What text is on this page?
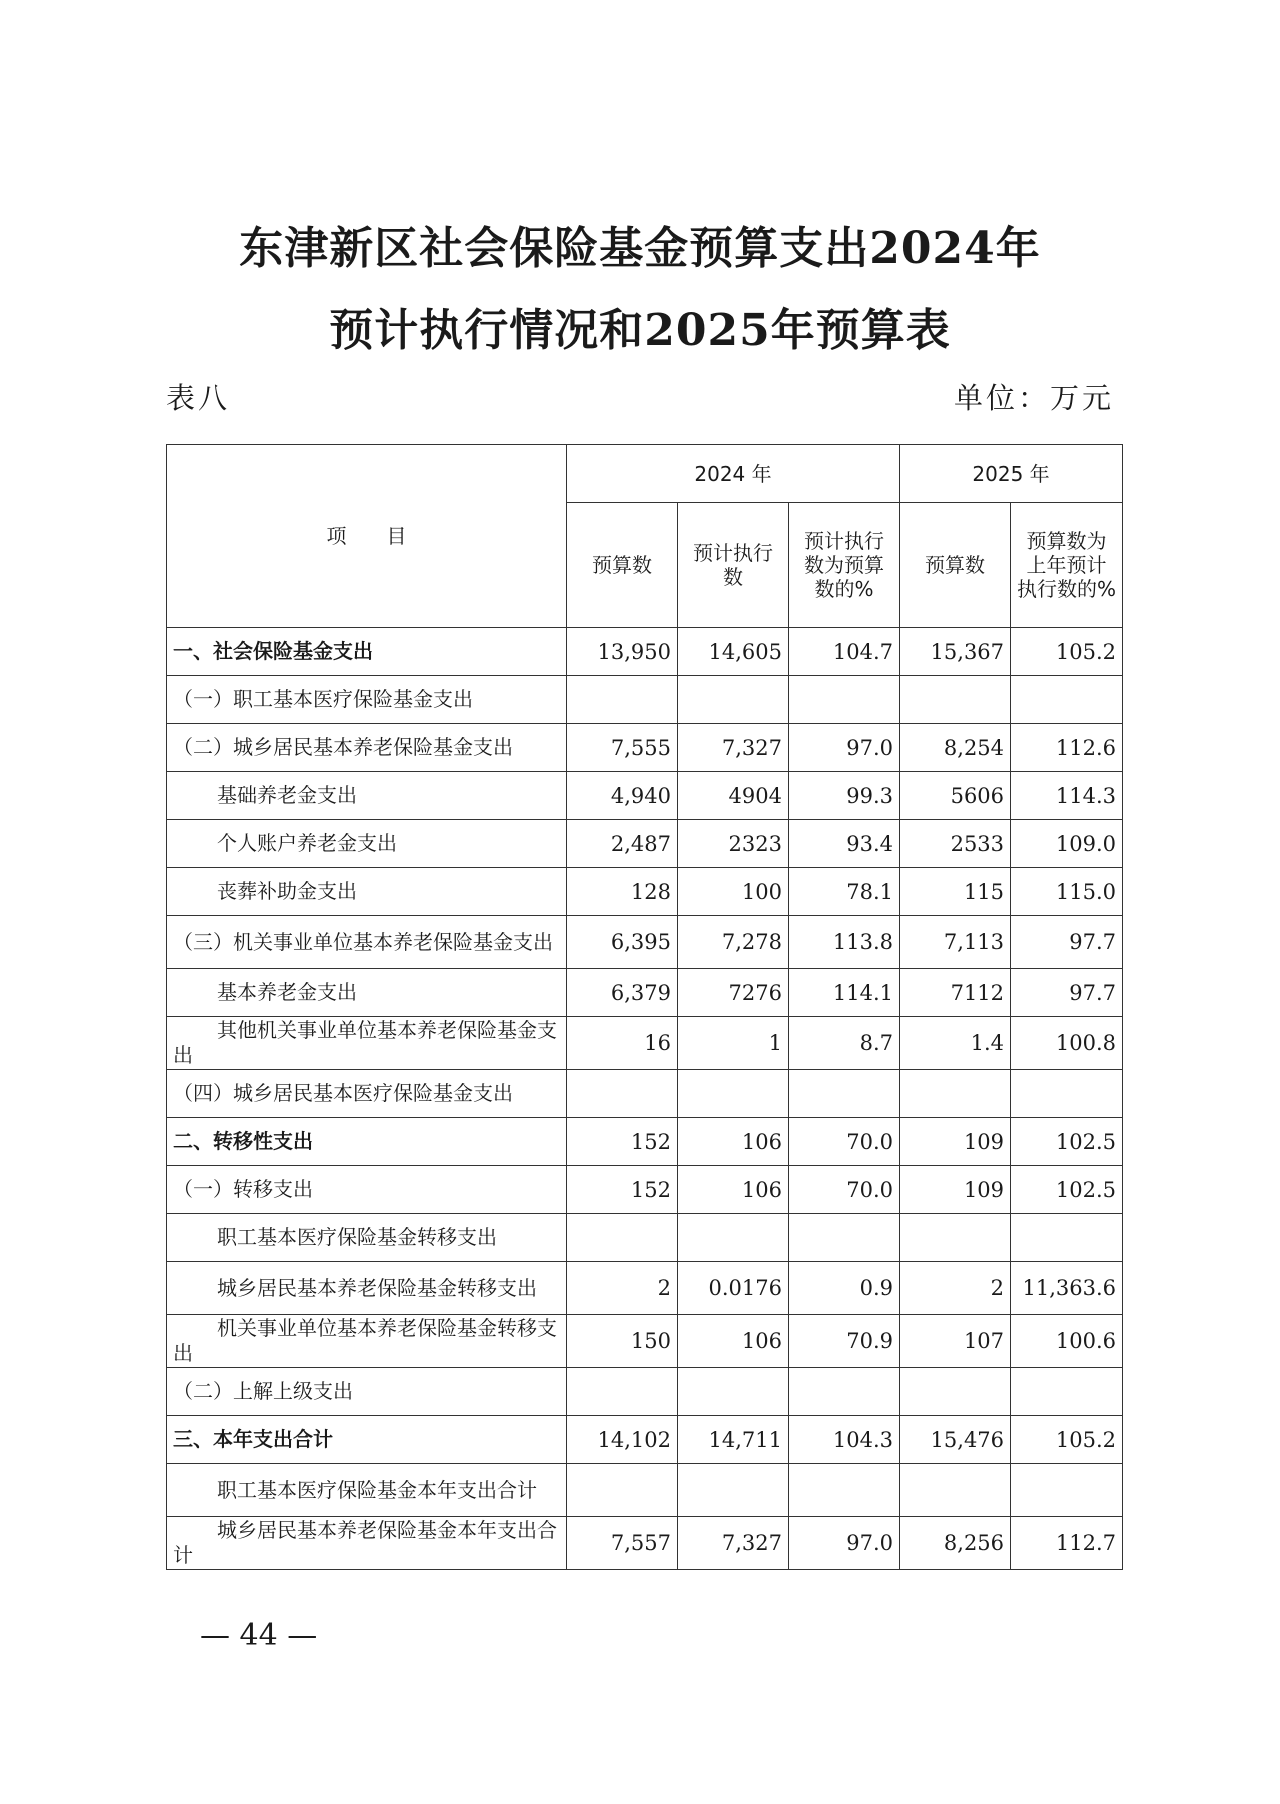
东津新区社会保险基金预算支出2024年
预计执行情况和2025年预算表
表八	单位：万元
项　　目	2024 年			2025 年	
	预算数	预计执行数	预计执行数为预算数的%	预算数	预算数为上年预计执行数的%
一、社会保险基金支出	13,950	14,605	104.7	15,367	105.2
（一）职工基本医疗保险基金支出					
（二）城乡居民基本养老保险基金支出	7,555	7,327	97.0	8,254	112.6
基础养老金支出	4,940	4904	99.3	5606	114.3
个人账户养老金支出	2,487	2323	93.4	2533	109.0
丧葬补助金支出	128	100	78.1	115	115.0
（三）机关事业单位基本养老保险基金支出	6,395	7,278	113.8	7,113	97.7
基本养老金支出	6,379	7276	114.1	7112	97.7
其他机关事业单位基本养老保险基金支出	16	1	8.7	1.4	100.8
（四）城乡居民基本医疗保险基金支出					
二、转移性支出	152	106	70.0	109	102.5
（一）转移支出	152	106	70.0	109	102.5
职工基本医疗保险基金转移支出					
城乡居民基本养老保险基金转移支出	2	0.0176	0.9	2	11,363.6
机关事业单位基本养老保险基金转移支出	150	106	70.9	107	100.6
（二）上解上级支出					
三、本年支出合计	14,102	14,711	104.3	15,476	105.2
职工基本医疗保险基金本年支出合计					
城乡居民基本养老保险基金本年支出合计	7,557	7,327	97.0	8,256	112.7
— 44 —
